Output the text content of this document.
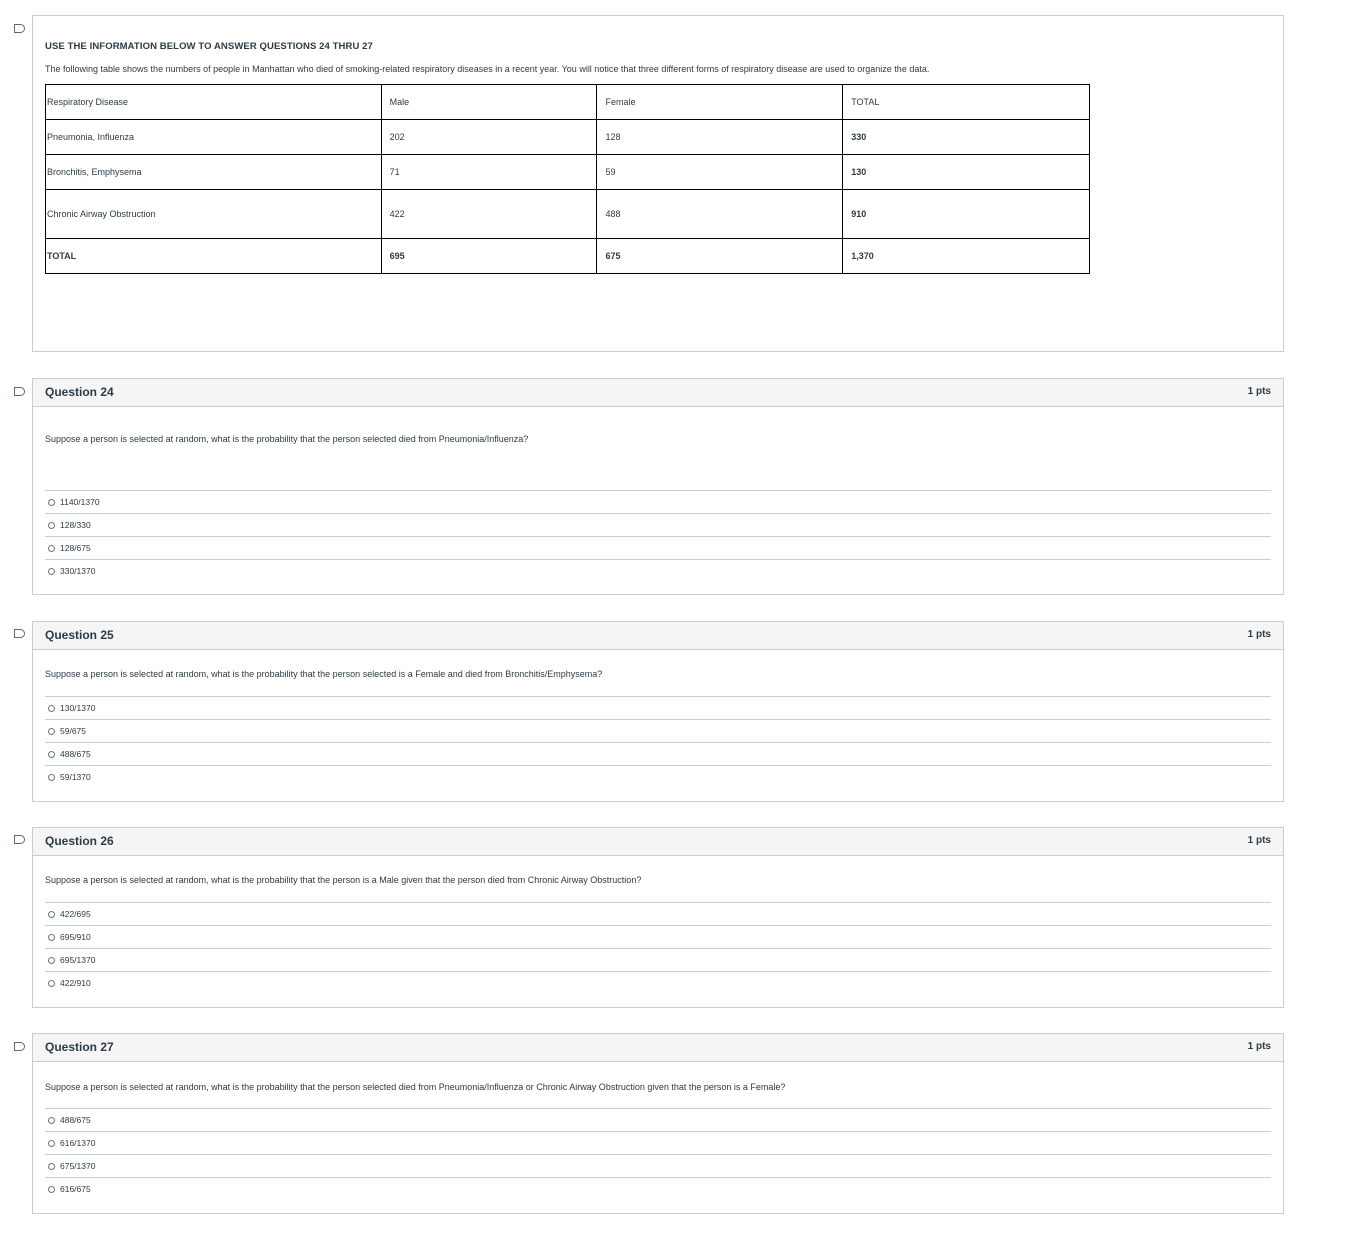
USE THE INFORMATION BELOW TO ANSWER QUESTIONS 24 THRU 27
The following table shows the numbers of people in Manhattan who died of smoking-related respiratory diseases in a recent year. You will notice that three different forms of respiratory disease are used to organize the data.
Respiratory Disease	Male	Female	TOTAL
Pneumonia, Influenza	202	128	330
Bronchitis, Emphysema	71	59	130
Chronic Airway Obstruction	422	488	910
TOTAL	695	675	1,370
Question 24	1 pts
Suppose a person is selected at random, what is the probability that the person selected died from Pneumonia/Influenza?
1140/1370
128/330
128/675
330/1370
Question 25	1 pts
Suppose a person is selected at random, what is the probability that the person selected is a Female and died from Bronchitis/Emphysema?
130/1370
59/675
488/675
59/1370
Question 26	1 pts
Suppose a person is selected at random, what is the probability that the person is a Male given that the person died from Chronic Airway Obstruction?
422/695
695/910
695/1370
422/910
Question 27	1 pts
Suppose a person is selected at random, what is the probability that the person selected died from Pneumonia/Influenza or Chronic Airway Obstruction given that the person is a Female?
488/675
616/1370
675/1370
616/675
